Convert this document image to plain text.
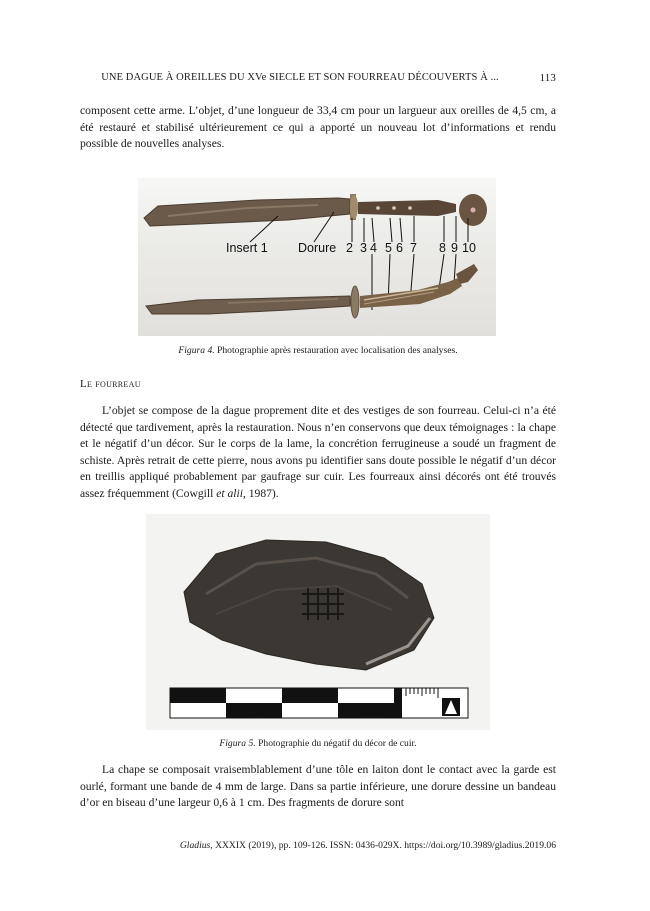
UNE DAGUE À OREILLES DU XVe SIECLE ET SON FOURREAU DÉCOUVERTS À ...	113

composent cette arme. L’objet, d’une longueur de 33,4 cm pour un largueur aux oreilles de 4,5 cm, a été restauré et stabilisé ultérieurement ce qui a apporté un nouveau lot d’informations et rendu possible de nouvelles analyses.

Insert 1 Dorure 2 3 4 5 6 7 8 9 10
Figura 4. Photographie après restauration avec localisation des analyses.
Le fourreau

L’objet se compose de la dague proprement dite et des vestiges de son fourreau. Celui-ci n’a été détecté que tardivement, après la restauration. Nous n’en conservons que deux témoignages : la chape et le négatif d’un décor. Sur le corps de la lame, la concrétion ferrugineuse a soudé un fragment de schiste. Après retrait de cette pierre, nous avons pu identifier sans doute possible le négatif d’un décor en treillis appliqué probablement par gaufrage sur cuir. Les fourreaux ainsi décorés ont été trouvés assez fréquemment (Cowgill et alii, 1987).

5	cm
Figura 5. Photographie du négatif du décor de cuir.

La chape se composait vraisemblablement d’une tôle en laiton dont le contact avec la garde est ourlé, formant une bande de 4 mm de large. Dans sa partie inférieure, une dorure dessine un bandeau d’or en biseau d’une largeur 0,6 à 1 cm. Des fragments de dorure sont

Gladius, XXXIX (2019), pp. 109-126. ISSN: 0436-029X. https://doi.org/10.3989/gladius.2019.06
